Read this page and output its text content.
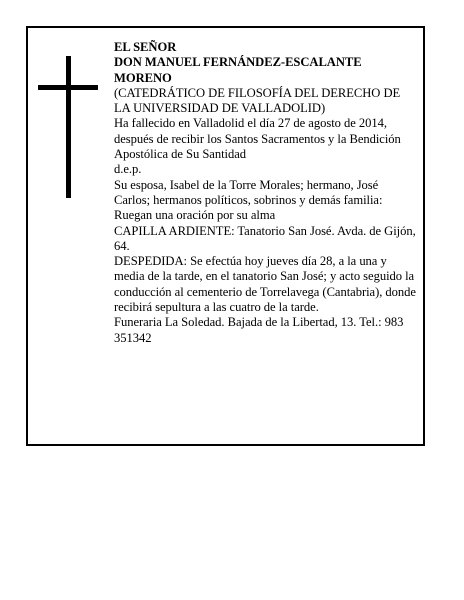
EL SEÑOR

DON MANUEL FERNÁNDEZ-ESCALANTE MORENO

(CATEDRÁTICO DE FILOSOFÍA DEL DERECHO DE LA UNIVERSIDAD DE VALLADOLID)

Ha fallecido en Valladolid el día 27 de agosto de 2014, después de recibir los Santos Sacramentos y la Bendición Apostólica de Su Santidad

d.e.p.

Su esposa, Isabel de la Torre Morales; hermano, José Carlos; hermanos políticos, sobrinos y demás familia:

Ruegan una oración por su alma

CAPILLA ARDIENTE: Tanatorio San José. Avda. de Gijón, 64.

DESPEDIDA: Se efectúa hoy jueves día 28, a la una y media de la tarde, en el tanatorio San José; y acto seguido la conducción al cementerio de Torrelavega (Cantabria), donde recibirá sepultura a las cuatro de la tarde.

Funeraria La Soledad. Bajada de la Libertad, 13. Tel.: 983 351342
